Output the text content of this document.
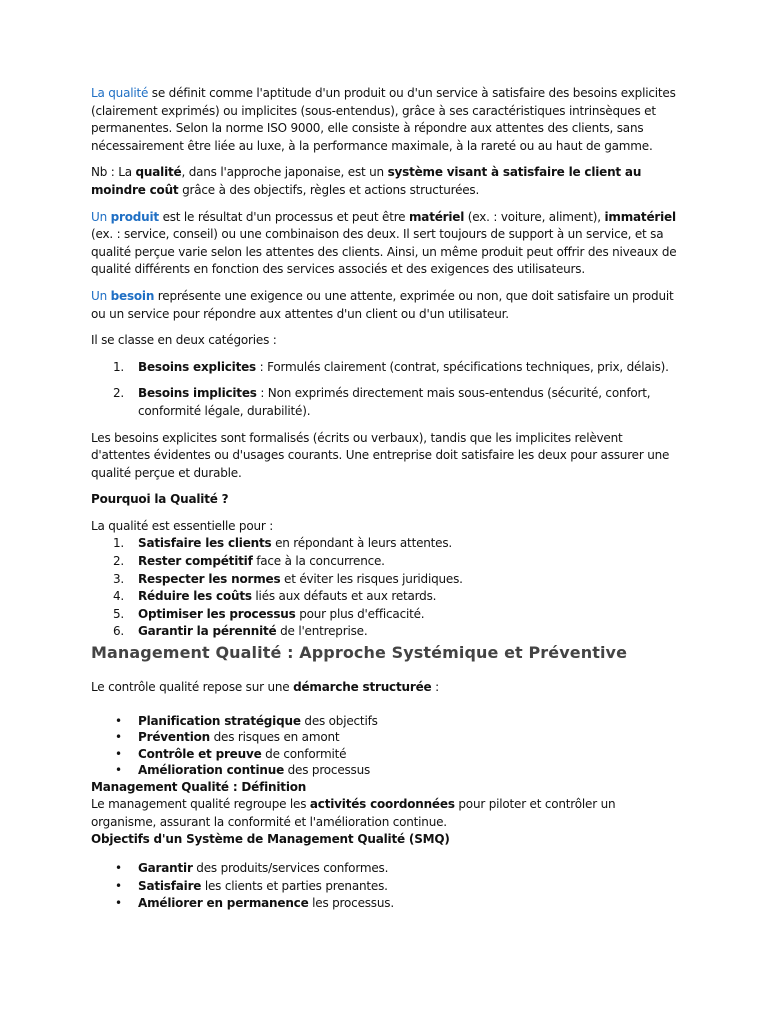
La qualité se définit comme l'aptitude d'un produit ou d'un service à satisfaire des besoins explicites (clairement exprimés) ou implicites (sous-entendus), grâce à ses caractéristiques intrinsèques et permanentes. Selon la norme ISO 9000, elle consiste à répondre aux attentes des clients, sans nécessairement être liée au luxe, à la performance maximale, à la rareté ou au haut de gamme.

Nb : La qualité, dans l'approche japonaise, est un système visant à satisfaire le client au moindre coût grâce à des objectifs, règles et actions structurées.

Un produit est le résultat d'un processus et peut être matériel (ex. : voiture, aliment), immatériel (ex. : service, conseil) ou une combinaison des deux. Il sert toujours de support à un service, et sa qualité perçue varie selon les attentes des clients. Ainsi, un même produit peut offrir des niveaux de qualité différents en fonction des services associés et des exigences des utilisateurs.

Un besoin représente une exigence ou une attente, exprimée ou non, que doit satisfaire un produit ou un service pour répondre aux attentes d'un client ou d'un utilisateur.

Il se classe en deux catégories :

1. Besoins explicites : Formulés clairement (contrat, spécifications techniques, prix, délais).
2. Besoins implicites : Non exprimés directement mais sous-entendus (sécurité, confort, conformité légale, durabilité).

Les besoins explicites sont formalisés (écrits ou verbaux), tandis que les implicites relèvent d'attentes évidentes ou d'usages courants. Une entreprise doit satisfaire les deux pour assurer une qualité perçue et durable.

Pourquoi la Qualité ?

La qualité est essentielle pour :

1. Satisfaire les clients en répondant à leurs attentes.
2. Rester compétitif face à la concurrence.
3. Respecter les normes et éviter les risques juridiques.
4. Réduire les coûts liés aux défauts et aux retards.
5. Optimiser les processus pour plus d'efficacité.
6. Garantir la pérennité de l'entreprise.

Management Qualité : Approche Systémique et Préventive

Le contrôle qualité repose sur une démarche structurée :

• Planification stratégique des objectifs
• Prévention des risques en amont
• Contrôle et preuve de conformité
• Amélioration continue des processus

Management Qualité : Définition

Le management qualité regroupe les activités coordonnées pour piloter et contrôler un organisme, assurant la conformité et l'amélioration continue.

Objectifs d'un Système de Management Qualité (SMQ)

• Garantir des produits/services conformes.
• Satisfaire les clients et parties prenantes.
• Améliorer en permanence les processus.
